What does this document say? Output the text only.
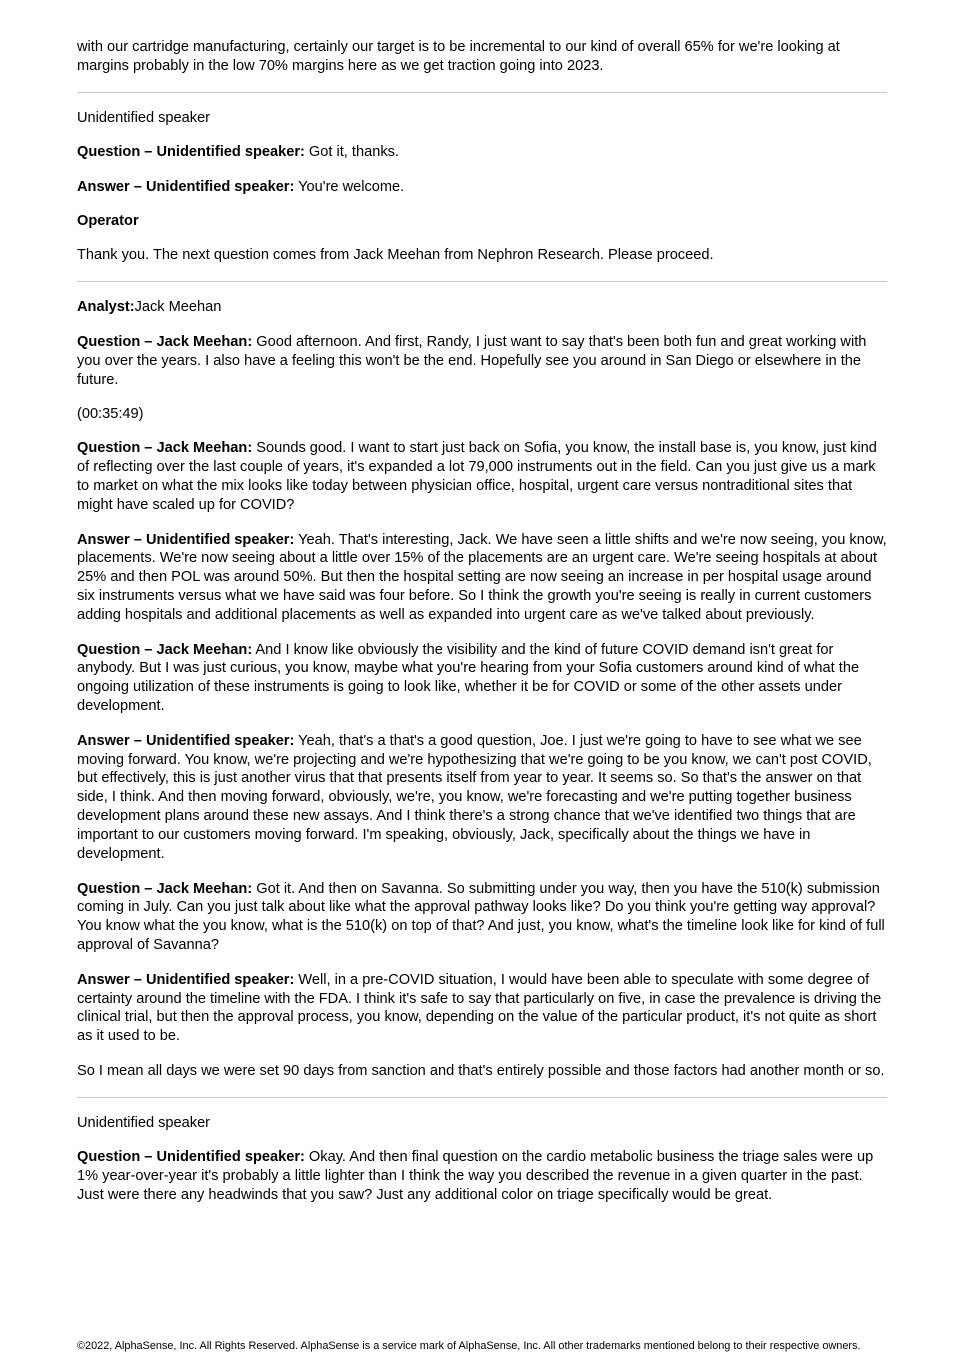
with our cartridge manufacturing, certainly our target is to be incremental to our kind of overall 65% for we're looking at margins probably in the low 70% margins here as we get traction going into 2023.

Unidentified speaker

Question – Unidentified speaker: Got it, thanks.

Answer – Unidentified speaker: You're welcome.

Operator

Thank you. The next question comes from Jack Meehan from Nephron Research. Please proceed.

Analyst:Jack Meehan

Question – Jack Meehan: Good afternoon. And first, Randy, I just want to say that's been both fun and great working with you over the years. I also have a feeling this won't be the end. Hopefully see you around in San Diego or elsewhere in the future.

(00:35:49)

Question – Jack Meehan: Sounds good. I want to start just back on Sofia, you know, the install base is, you know, just kind of reflecting over the last couple of years, it's expanded a lot 79,000 instruments out in the field. Can you just give us a mark to market on what the mix looks like today between physician office, hospital, urgent care versus nontraditional sites that might have scaled up for COVID?

Answer – Unidentified speaker: Yeah. That's interesting, Jack. We have seen a little shifts and we're now seeing, you know, placements. We're now seeing about a little over 15% of the placements are an urgent care. We're seeing hospitals at about 25% and then POL was around 50%. But then the hospital setting are now seeing an increase in per hospital usage around six instruments versus what we have said was four before. So I think the growth you're seeing is really in current customers adding hospitals and additional placements as well as expanded into urgent care as we've talked about previously.

Question – Jack Meehan: And I know like obviously the visibility and the kind of future COVID demand isn't great for anybody. But I was just curious, you know, maybe what you're hearing from your Sofia customers around kind of what the ongoing utilization of these instruments is going to look like, whether it be for COVID or some of the other assets under development.

Answer – Unidentified speaker: Yeah, that's a that's a good question, Joe. I just we're going to have to see what we see moving forward. You know, we're projecting and we're hypothesizing that we're going to be you know, we can't post COVID, but effectively, this is just another virus that that presents itself from year to year. It seems so. So that's the answer on that side, I think. And then moving forward, obviously, we're, you know, we're forecasting and we're putting together business development plans around these new assays. And I think there's a strong chance that we've identified two things that are important to our customers moving forward. I'm speaking, obviously, Jack, specifically about the things we have in development.

Question – Jack Meehan: Got it. And then on Savanna. So submitting under you way, then you have the 510(k) submission coming in July. Can you just talk about like what the approval pathway looks like? Do you think you're getting way approval? You know what the you know, what is the 510(k) on top of that? And just, you know, what's the timeline look like for kind of full approval of Savanna?

Answer – Unidentified speaker: Well, in a pre-COVID situation, I would have been able to speculate with some degree of certainty around the timeline with the FDA. I think it's safe to say that particularly on five, in case the prevalence is driving the clinical trial, but then the approval process, you know, depending on the value of the particular product, it's not quite as short as it used to be.

So I mean all days we were set 90 days from sanction and that's entirely possible and those factors had another month or so.

Unidentified speaker

Question – Unidentified speaker: Okay. And then final question on the cardio metabolic business the triage sales were up 1% year-over-year it's probably a little lighter than I think the way you described the revenue in a given quarter in the past. Just were there any headwinds that you saw? Just any additional color on triage specifically would be great.

©2022, AlphaSense, Inc. All Rights Reserved. AlphaSense is a service mark of AlphaSense, Inc. All other trademarks mentioned belong to their respective owners.
